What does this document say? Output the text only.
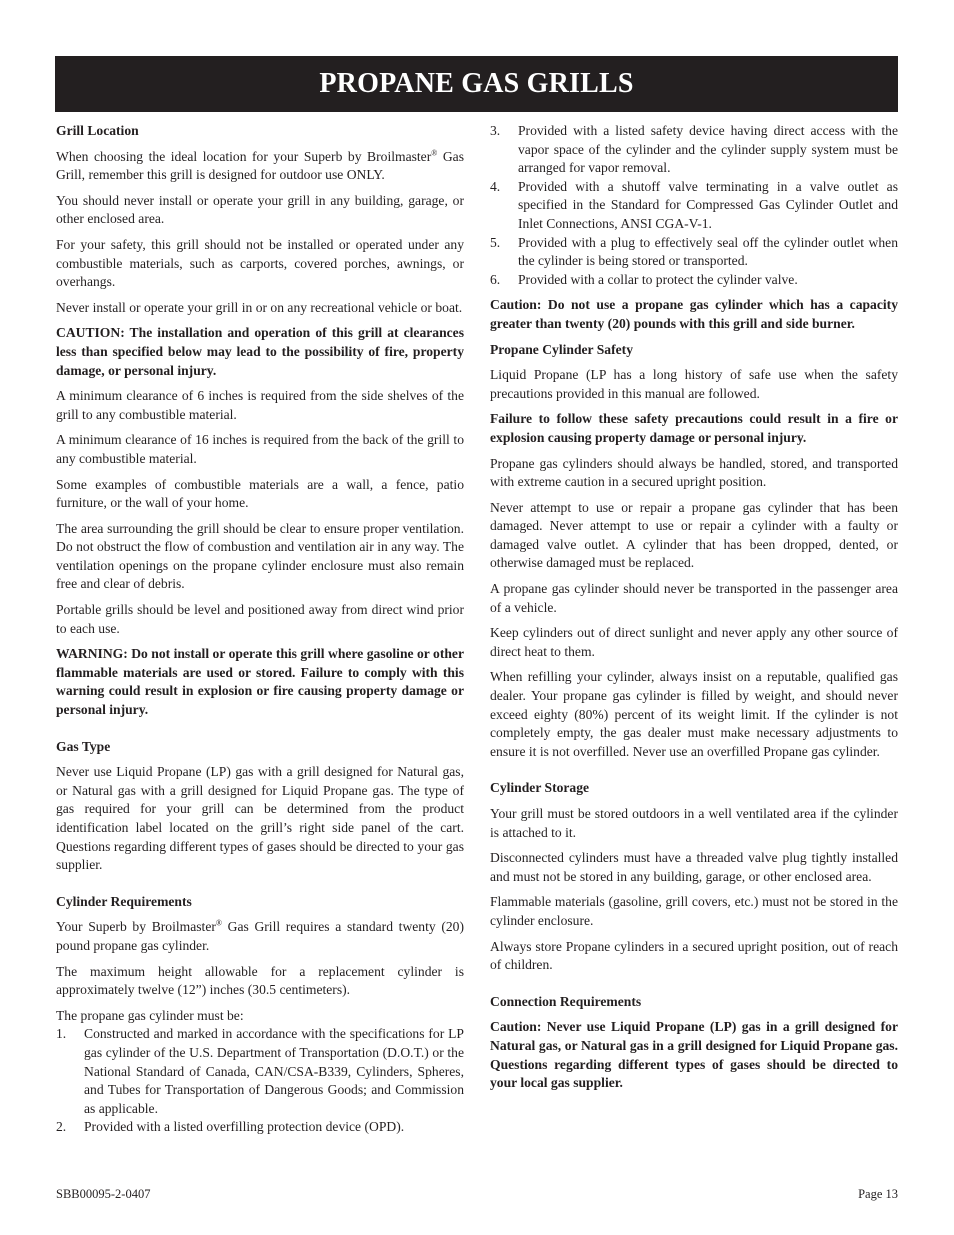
PROPANE GAS GRILLS
Grill Location

When choosing the ideal location for your Superb by Broilmaster® Gas Grill, remember this grill is designed for outdoor use ONLY.

You should never install or operate your grill in any building, garage, or other enclosed area.

For your safety, this grill should not be installed or operated under any combustible materials, such as carports, covered porches, awnings, or overhangs.

Never install or operate your grill in or on any recreational vehicle or boat.

CAUTION: The installation and operation of this grill at clearances less than specified below may lead to the possibility of fire, property damage, or personal injury.

A minimum clearance of 6 inches is required from the side shelves of the grill to any combustible material.

A minimum clearance of 16 inches is required from the back of the grill to any combustible material.

Some examples of combustible materials are a wall, a fence, patio furniture, or the wall of your home.

The area surrounding the grill should be clear to ensure proper ventilation. Do not obstruct the flow of combustion and ventilation air in any way. The ventilation openings on the propane cylinder enclosure must also remain free and clear of debris.

Portable grills should be level and positioned away from direct wind prior to each use.

WARNING: Do not install or operate this grill where gasoline or other flammable materials are used or stored. Failure to comply with this warning could result in explosion or fire causing property damage or personal injury.

Gas Type

Never use Liquid Propane (LP) gas with a grill designed for Natural gas, or Natural gas with a grill designed for Liquid Propane gas. The type of gas required for your grill can be determined from the product identification label located on the grill’s right side panel of the cart. Questions regarding different types of gases should be directed to your gas supplier.

Cylinder Requirements

Your Superb by Broilmaster® Gas Grill requires a standard twenty (20) pound propane gas cylinder.

The maximum height allowable for a replacement cylinder is approximately twelve (12”) inches (30.5 centimeters).

The propane gas cylinder must be:

1. Constructed and marked in accordance with the specifications for LP gas cylinder of the U.S. Department of Transportation (D.O.T.) or the National Standard of Canada, CAN/CSA-B339, Cylinders, Spheres, and Tubes for Transportation of Dangerous Goods; and Commission as applicable.
2. Provided with a listed overfilling protection device (OPD).
3. Provided with a listed safety device having direct access with the vapor space of the cylinder and the cylinder supply system must be arranged for vapor removal.
4. Provided with a shutoff valve terminating in a valve outlet as specified in the Standard for Compressed Gas Cylinder Outlet and Inlet Connections, ANSI CGA-V-1.
5. Provided with a plug to effectively seal off the cylinder outlet when the cylinder is being stored or transported.
6. Provided with a collar to protect the cylinder valve.

Caution: Do not use a propane gas cylinder which has a capacity greater than twenty (20) pounds with this grill and side burner.

Propane Cylinder Safety

Liquid Propane (LP has a long history of safe use when the safety precautions provided in this manual are followed.

Failure to follow these safety precautions could result in a fire or explosion causing property damage or personal injury.

Propane gas cylinders should always be handled, stored, and transported with extreme caution in a secured upright position.

Never attempt to use or repair a propane gas cylinder that has been damaged. Never attempt to use or repair a cylinder with a faulty or damaged valve outlet. A cylinder that has been dropped, dented, or otherwise damaged must be replaced.

A propane gas cylinder should never be transported in the passenger area of a vehicle.

Keep cylinders out of direct sunlight and never apply any other source of direct heat to them.

When refilling your cylinder, always insist on a reputable, qualified gas dealer. Your propane gas cylinder is filled by weight, and should never exceed eighty (80%) percent of its weight limit. If the cylinder is not completely empty, the gas dealer must make necessary adjustments to ensure it is not overfilled. Never use an overfilled Propane gas cylinder.

Cylinder Storage

Your grill must be stored outdoors in a well ventilated area if the cylinder is attached to it.

Disconnected cylinders must have a threaded valve plug tightly installed and must not be stored in any building, garage, or other enclosed area.

Flammable materials (gasoline, grill covers, etc.) must not be stored in the cylinder enclosure.

Always store Propane cylinders in a secured upright position, out of reach of children.

Connection Requirements

Caution: Never use Liquid Propane (LP) gas in a grill designed for Natural gas, or Natural gas in a grill designed for Liquid Propane gas. Questions regarding different types of gases should be directed to your local gas supplier.

SBB00095-2-0407	Page 13
